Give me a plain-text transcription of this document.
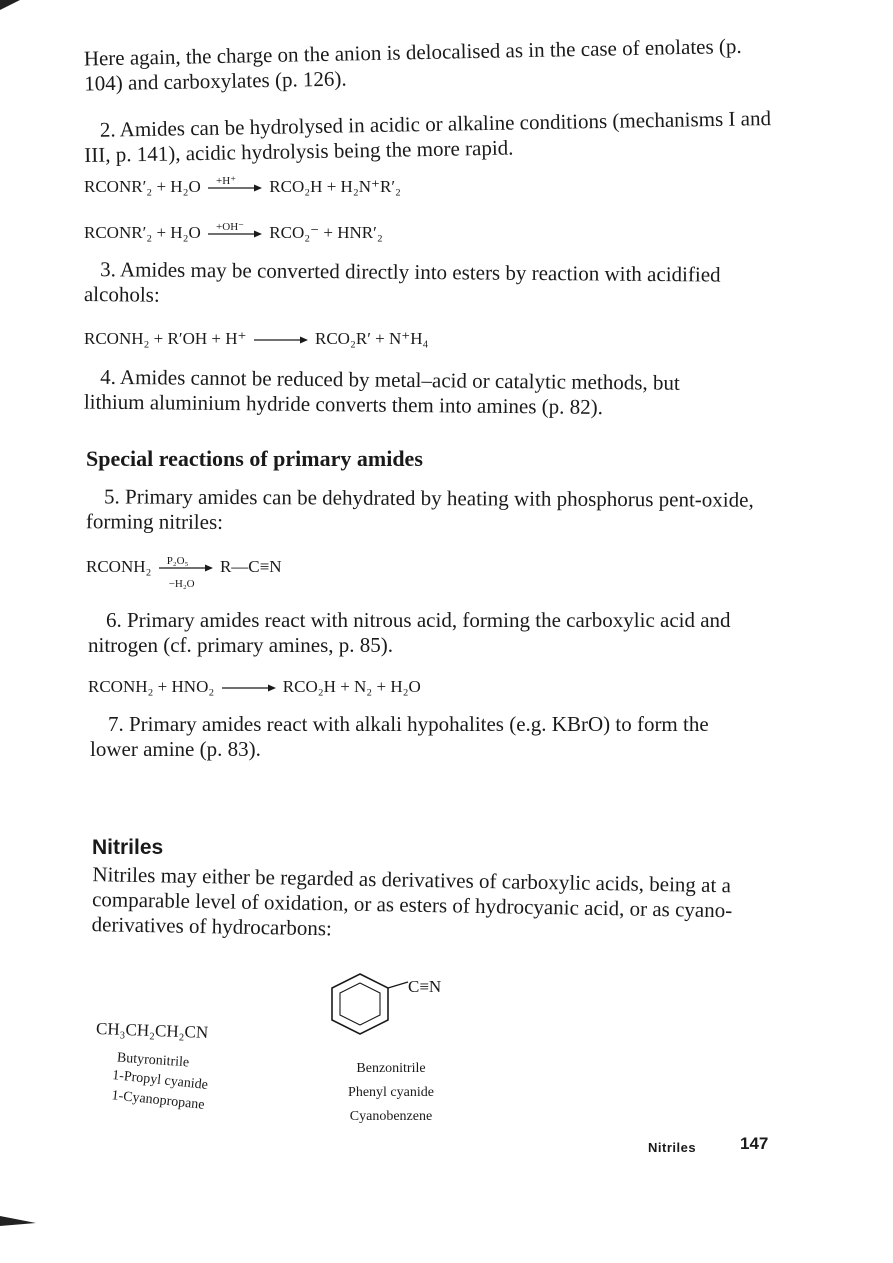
Here again, the charge on the anion is delocalised as in the case of enolates (p. 104) and carboxylates (p. 126).

2. Amides can be hydrolysed in acidic or alkaline conditions (mechanisms I and III, p. 141), acidic hydrolysis being the more rapid.

RCONR′₂ + H₂O +H⁺ RCO₂H + H₂N⁺R′₂
RCONR′₂ + H₂O +OH⁻ RCO₂⁻ + HNR′₂

3. Amides may be converted directly into esters by reaction with acidified alcohols:

RCONH₂ + R′OH + H⁺	RCO₂R′ + N⁺H₄

4. Amides cannot be reduced by metal–acid or catalytic methods, but lithium aluminium hydride converts them into amines (p. 82).

Special reactions of primary amides

5. Primary amides can be dehydrated by heating with phosphorus pent-oxide, forming nitriles:

RCONH₂ P₂O₅
−H₂O
R—C≡N

6. Primary amides react with nitrous acid, forming the carboxylic acid and nitrogen (cf. primary amines, p. 85).

RCONH₂ + HNO₂	RCO₂H + N₂ + H₂O

7. Primary amides react with alkali hypohalites (e.g. KBrO) to form the lower amine (p. 83).

Nitriles

Nitriles may either be regarded as derivatives of carboxylic acids, being at a comparable level of oxidation, or as esters of hydrocyanic acid, or as cyano-derivatives of hydrocarbons:

CH₃CH₂CH₂CN
Butyronitrile
1-Propyl cyanide
1-Cyanopropane
C≡N
Benzonitrile
Phenyl cyanide
Cyanobenzene
Nitriles	147
